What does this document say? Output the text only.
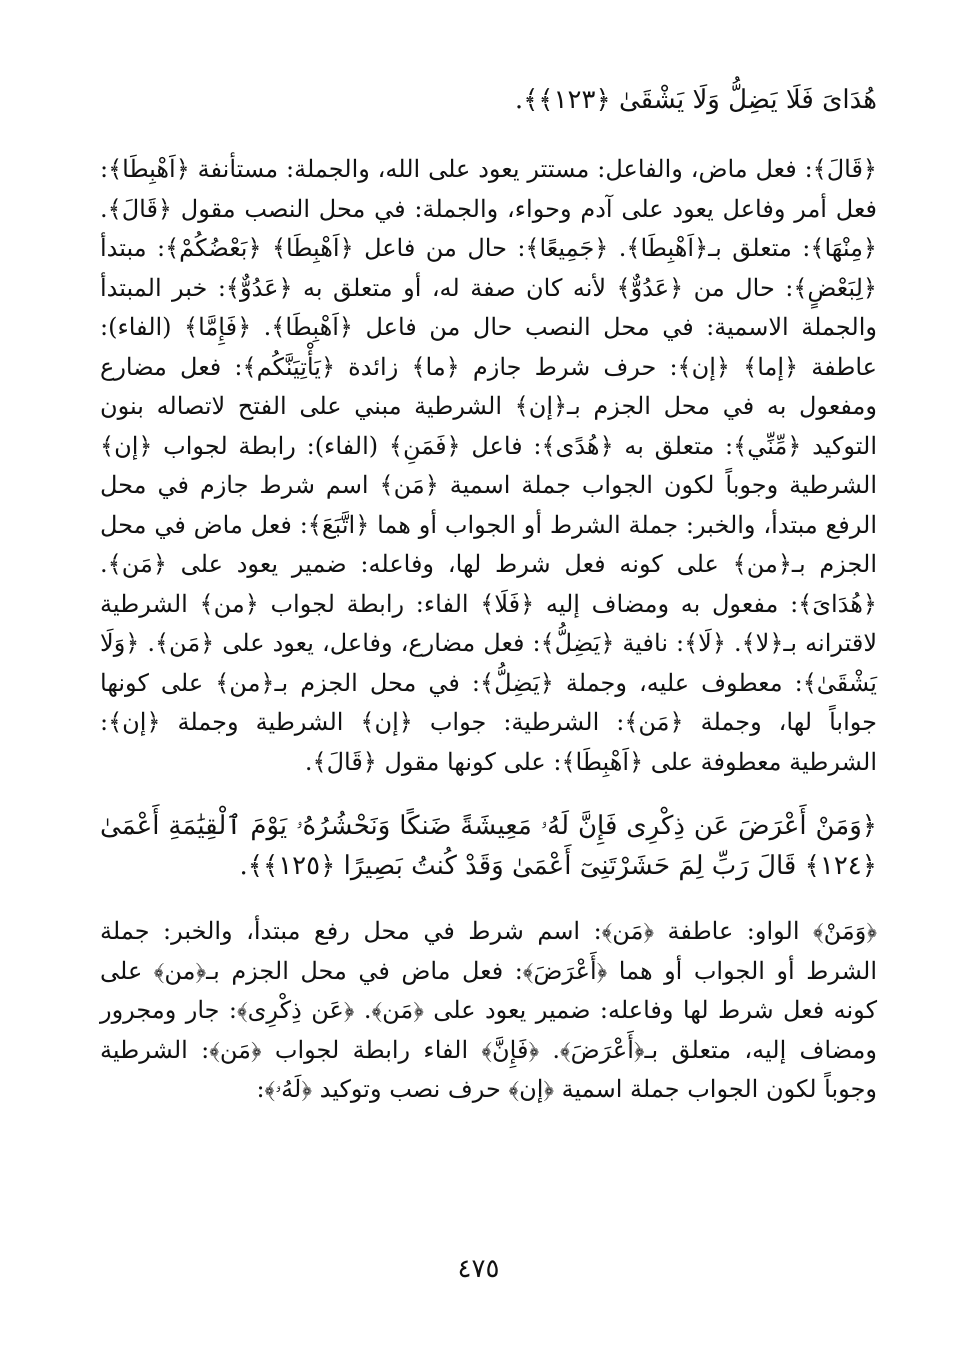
هُدَاىَ فَلَا يَضِلُّ وَلَا يَشْقَىٰ ﴿١٢٣﴾﴾.

﴿قَالَ﴾: فعل ماض، والفاعل: مستتر يعود على الله، والجملة: مستأنفة ﴿اَهْبِطَا﴾: فعل أمر وفاعل يعود على آدم وحواء، والجملة: في محل النصب مقول ﴿قَالَ﴾. ﴿مِنْهَا﴾: متعلق بـ﴿اَهْبِطَا﴾. ﴿جَمِيعًا﴾: حال من فاعل ﴿اَهْبِطَا﴾ ﴿بَعْضُكُمْ﴾: مبتدأ ﴿لِبَعْضٍ﴾: حال من ﴿عَدُوٌّ﴾ لأنه كان صفة له، أو متعلق به ﴿عَدُوٌّ﴾: خبر المبتدأ والجملة الاسمية: في محل النصب حال من فاعل ﴿اَهْبِطَا﴾. ﴿فَإِمَّا﴾ (الفاء): عاطفة ﴿إما﴾ ﴿إن﴾: حرف شرط جازم ﴿ما﴾ زائدة ﴿يَأْتِيَنَّكُم﴾: فعل مضارع ومفعول به في محل الجزم بـ﴿إن﴾ الشرطية مبني على الفتح لاتصاله بنون التوكيد ﴿مِّنِّي﴾: متعلق به ﴿هُدًى﴾: فاعل ﴿فَمَنِ﴾ (الفاء): رابطة لجواب ﴿إن﴾ الشرطية وجوباً لكون الجواب جملة اسمية ﴿مَن﴾ اسم شرط جازم في محل الرفع مبتدأ، والخبر: جملة الشرط أو الجواب أو هما ﴿اتَّبَعَ﴾: فعل ماض في محل الجزم بـ﴿من﴾ على كونه فعل شرط لها، وفاعله: ضمير يعود على ﴿مَن﴾. ﴿هُدَاىَ﴾: مفعول به ومضاف إليه ﴿فَلَا﴾ الفاء: رابطة لجواب ﴿من﴾ الشرطية لاقترانه بـ﴿لا﴾. ﴿لَا﴾: نافية ﴿يَضِلُّ﴾: فعل مضارع، وفاعل، يعود على ﴿مَن﴾. ﴿وَلَا يَشْقَىٰ﴾: معطوف عليه، وجملة ﴿يَضِلُّ﴾: في محل الجزم بـ﴿من﴾ على كونها جواباً لها، وجملة ﴿مَن﴾: الشرطية: جواب ﴿إن﴾ الشرطية وجملة ﴿إن﴾: الشرطية معطوفة على ﴿اَهْبِطَا﴾: على كونها مقول ﴿قَالَ﴾.

﴿وَمَنْ أَعْرَضَ عَن ذِكْرِى فَإِنَّ لَهُۥ مَعِيشَةً ضَنكًا وَنَحْشُرُهُۥ يَوْمَ ٱلْقِيَٰمَةِ أَعْمَىٰ ﴿١٢٤﴾ قَالَ رَبِّ لِمَ حَشَرْتَنِىٓ أَعْمَىٰ وَقَدْ كُنتُ بَصِيرًا ﴿١٢٥﴾﴾.

﴿وَمَنْ﴾ الواو: عاطفة ﴿مَن﴾: اسم شرط في محل رفع مبتدأ، والخبر: جملة الشرط أو الجواب أو هما ﴿أَعْرَضَ﴾: فعل ماض في محل الجزم بـ﴿من﴾ على كونه فعل شرط لها وفاعله: ضمير يعود على ﴿مَن﴾. ﴿عَن ذِكْرِى﴾: جار ومجرور ومضاف إليه، متعلق بـ﴿أَعْرَضَ﴾. ﴿فَإِنَّ﴾ الفاء رابطة لجواب ﴿مَن﴾: الشرطية وجوباً لكون الجواب جملة اسمية ﴿إن﴾ حرف نصب وتوكيد ﴿لَهُۥ﴾:

٤٧٥
